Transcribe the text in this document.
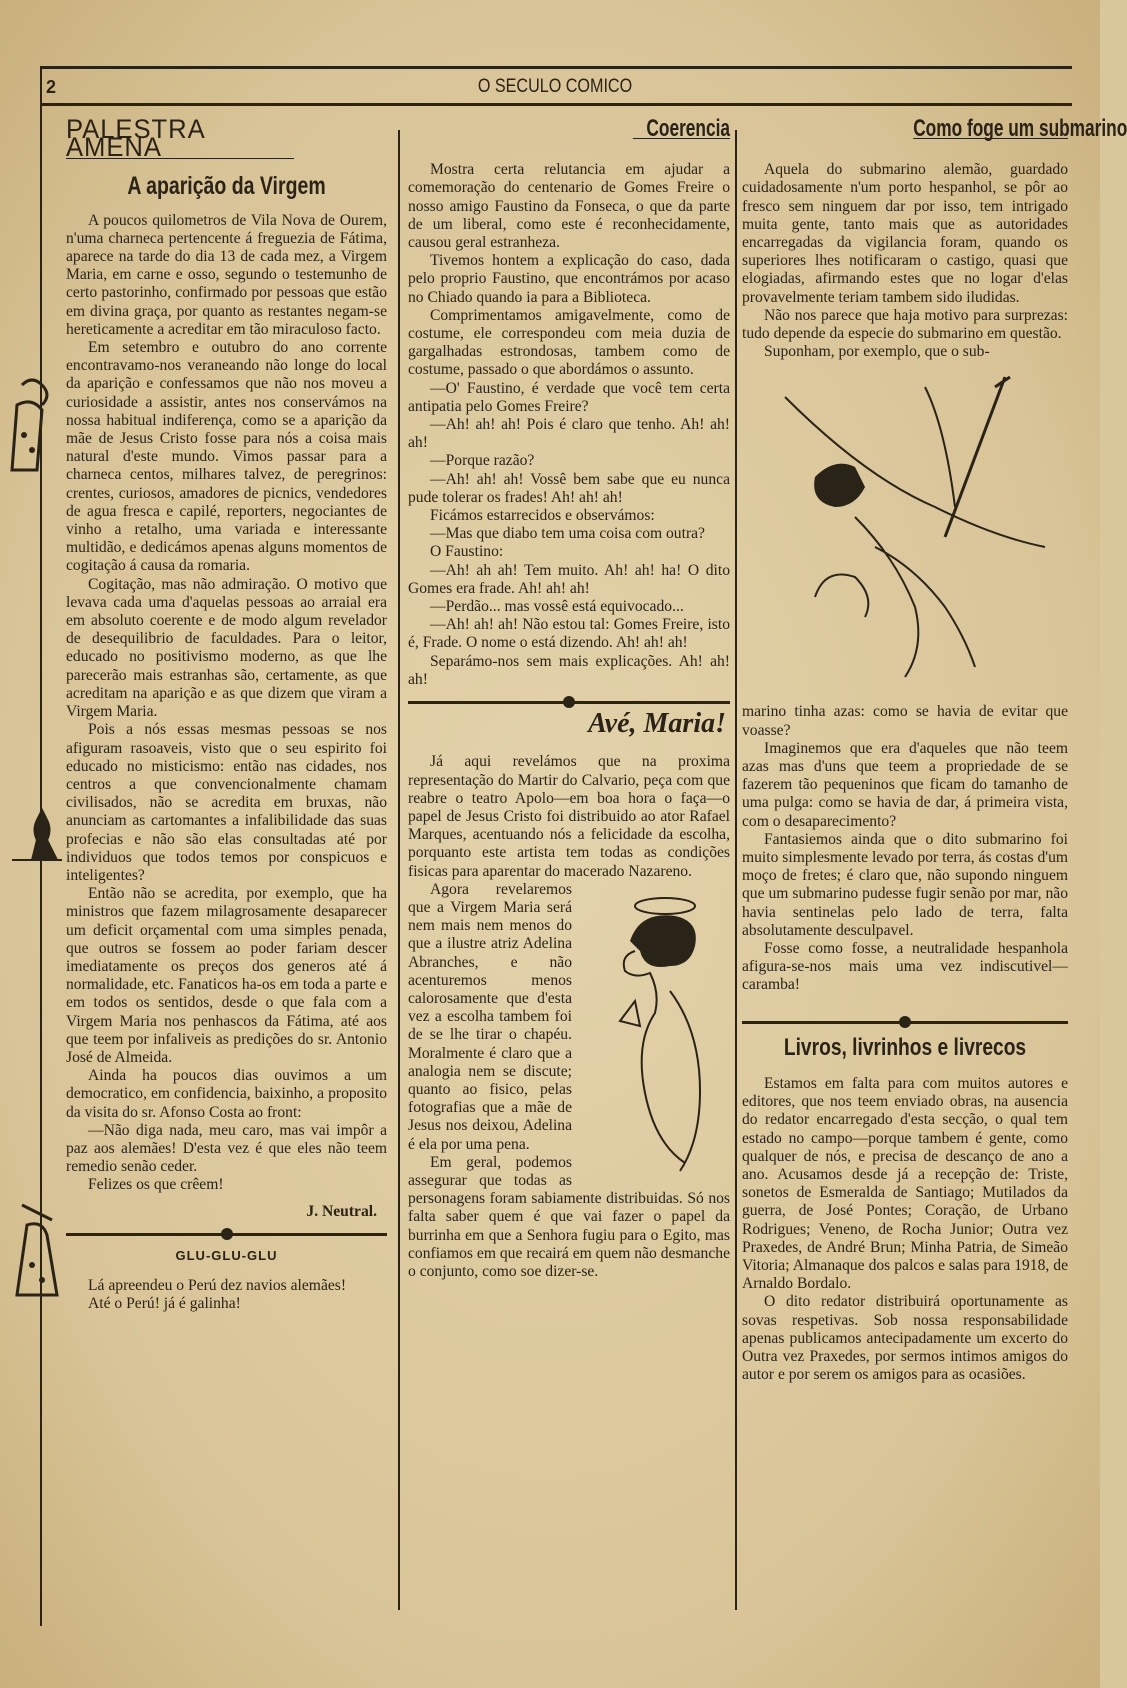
2	O SECULO COMICO
PALESTRA AMENA
A aparição da Virgem

A poucos quilometros de Vila Nova de Ourem, n'uma charneca pertencente á freguezia de Fátima, aparece na tarde do dia 13 de cada mez, a Virgem Maria, em carne e osso, segundo o testemunho de certo pastorinho, confirmado por pessoas que estão em divina graça, por quanto as restantes negam-se hereticamente a acreditar em tão miraculoso facto.

Em setembro e outubro do ano corrente encontravamo-nos veraneando não longe do local da aparição e confessamos que não nos moveu a curiosidade a assistir, antes nos conservámos na nossa habitual indiferença, como se a aparição da mãe de Jesus Cristo fosse para nós a coisa mais natural d'este mundo. Vimos passar para a charneca centos, milhares talvez, de peregrinos: crentes, curiosos, amadores de picnics, vendedores de agua fresca e capilé, reporters, negociantes de vinho a retalho, uma variada e interessante multidão, e dedicámos apenas alguns momentos de cogitação á causa da romaria.

Cogitação, mas não admiração. O motivo que levava cada uma d'aquelas pessoas ao arraial era em absoluto coerente e de modo algum revelador de desequilibrio de faculdades. Para o leitor, educado no positivismo moderno, as que lhe parecerão mais estranhas são, certamente, as que acreditam na aparição e as que dizem que viram a Virgem Maria.

Pois a nós essas mesmas pessoas se nos afiguram rasoaveis, visto que o seu espirito foi educado no misticismo: então nas cidades, nos centros a que convencionalmente chamam civilisados, não se acredita em bruxas, não anunciam as cartomantes a infalibilidade das suas profecias e não são elas consultadas até por individuos que todos temos por conspicuos e inteligentes?

Então não se acredita, por exemplo, que ha ministros que fazem milagrosamente desaparecer um deficit orçamental com uma simples penada, que outros se fossem ao poder fariam descer imediatamente os preços dos generos até á normalidade, etc. Fanaticos ha-os em toda a parte e em todos os sentidos, desde o que fala com a Virgem Maria nos penhascos da Fátima, até aos que teem por infaliveis as predições do sr. Antonio José de Almeida.

Ainda ha poucos dias ouvimos a um democratico, em confidencia, baixinho, a proposito da visita do sr. Afonso Costa ao front:

—Não diga nada, meu caro, mas vai impôr a paz aos alemães! D'esta vez é que eles não teem remedio senão ceder.

Felizes os que crêem!

J. Neutral.
GLU-GLU-GLU

Lá apreendeu o Perú dez navios alemães!

Até o Perú! já é galinha!

Coerencia

Mostra certa relutancia em ajudar a comemoração do centenario de Gomes Freire o nosso amigo Faustino da Fonseca, o que da parte de um liberal, como este é reconhecidamente, causou geral estranheza.

Tivemos hontem a explicação do caso, dada pelo proprio Faustino, que encontrámos por acaso no Chiado quando ia para a Biblioteca.

Comprimentamos amigavelmente, como de costume, ele correspondeu com meia duzia de gargalhadas estrondosas, tambem como de costume, passado o que abordámos o assunto.

—O' Faustino, é verdade que você tem certa antipatia pelo Gomes Freire?

—Ah! ah! ah! Pois é claro que tenho. Ah! ah! ah!

—Porque razão?

—Ah! ah! ah! Vossê bem sabe que eu nunca pude tolerar os frades! Ah! ah! ah!

Ficámos estarrecidos e observámos:

—Mas que diabo tem uma coisa com outra?

O Faustino:

—Ah! ah ah! Tem muito. Ah! ah! ha! O dito Gomes era frade. Ah! ah! ah!

—Perdão... mas vossê está equivocado...

—Ah! ah! ah! Não estou tal: Gomes Freire, isto é, Frade. O nome o está dizendo. Ah! ah! ah!

Separámo-nos sem mais explicações. Ah! ah! ah!

Avé, Maria!

Já aqui revelámos que na proxima representação do Martir do Calvario, peça com que reabre o teatro Apolo—em boa hora o faça—o papel de Jesus Cristo foi distribuido ao ator Rafael Marques, acentuando nós a felicidade da escolha, porquanto este artista tem todas as condições fisicas para aparentar do macerado Nazareno.

Agora revelaremos que a Virgem Maria será nem mais nem menos do que a ilustre atriz Adelina Abranches, e não acenturemos menos calorosamente que d'esta vez a escolha tambem foi de se lhe tirar o chapéu. Moralmente é claro que a analogia nem se discute; quanto ao fisico, pelas fotografias que a mãe de Jesus nos deixou, Adelina é ela por uma pena.

Em geral, podemos assegurar que todas as personagens foram sabiamente distribuidas. Só nos falta saber quem é que vai fazer o papel da burrinha em que a Senhora fugiu para o Egito, mas confiamos em que recairá em quem não desmanche o conjunto, como soe dizer-se.

Como foge um submarino

Aquela do submarino alemão, guardado cuidadosamente n'um porto hespanhol, se pôr ao fresco sem ninguem dar por isso, tem intrigado muita gente, tanto mais que as autoridades encarregadas da vigilancia foram, quando os superiores lhes notificaram o castigo, quasi que elogiadas, afirmando estes que no logar d'elas provavelmente teriam tambem sido iludidas.

Não nos parece que haja motivo para surprezas: tudo depende da especie do submarino em questão.

Suponham, por exemplo, que o sub-

marino tinha azas: como se havia de evitar que voasse?

Imaginemos que era d'aqueles que não teem azas mas d'uns que teem a propriedade de se fazerem tão pequeninos que ficam do tamanho de uma pulga: como se havia de dar, á primeira vista, com o desaparecimento?

Fantasiemos ainda que o dito submarino foi muito simplesmente levado por terra, ás costas d'um moço de fretes; é claro que, não supondo ninguem que um submarino pudesse fugir senão por mar, não havia sentinelas pelo lado de terra, falta absolutamente desculpavel.

Fosse como fosse, a neutralidade hespanhola afigura-se-nos mais uma vez indiscutivel—caramba!

Livros, livrinhos e livrecos

Estamos em falta para com muitos autores e editores, que nos teem enviado obras, na ausencia do redator encarregado d'esta secção, o qual tem estado no campo—porque tambem é gente, como qualquer de nós, e precisa de descanço de ano a ano. Acusamos desde já a recepção de: Triste, sonetos de Esmeralda de Santiago; Mutilados da guerra, de José Pontes; Coração, de Urbano Rodrigues; Veneno, de Rocha Junior; Outra vez Praxedes, de André Brun; Minha Patria, de Simeão Vitoria; Almanaque dos palcos e salas para 1918, de Arnaldo Bordalo.

O dito redator distribuirá oportunamente as sovas respetivas. Sob nossa responsabilidade apenas publicamos antecipadamente um excerto do Outra vez Praxedes, por sermos intimos amigos do autor e por serem os amigos para as ocasiões.
